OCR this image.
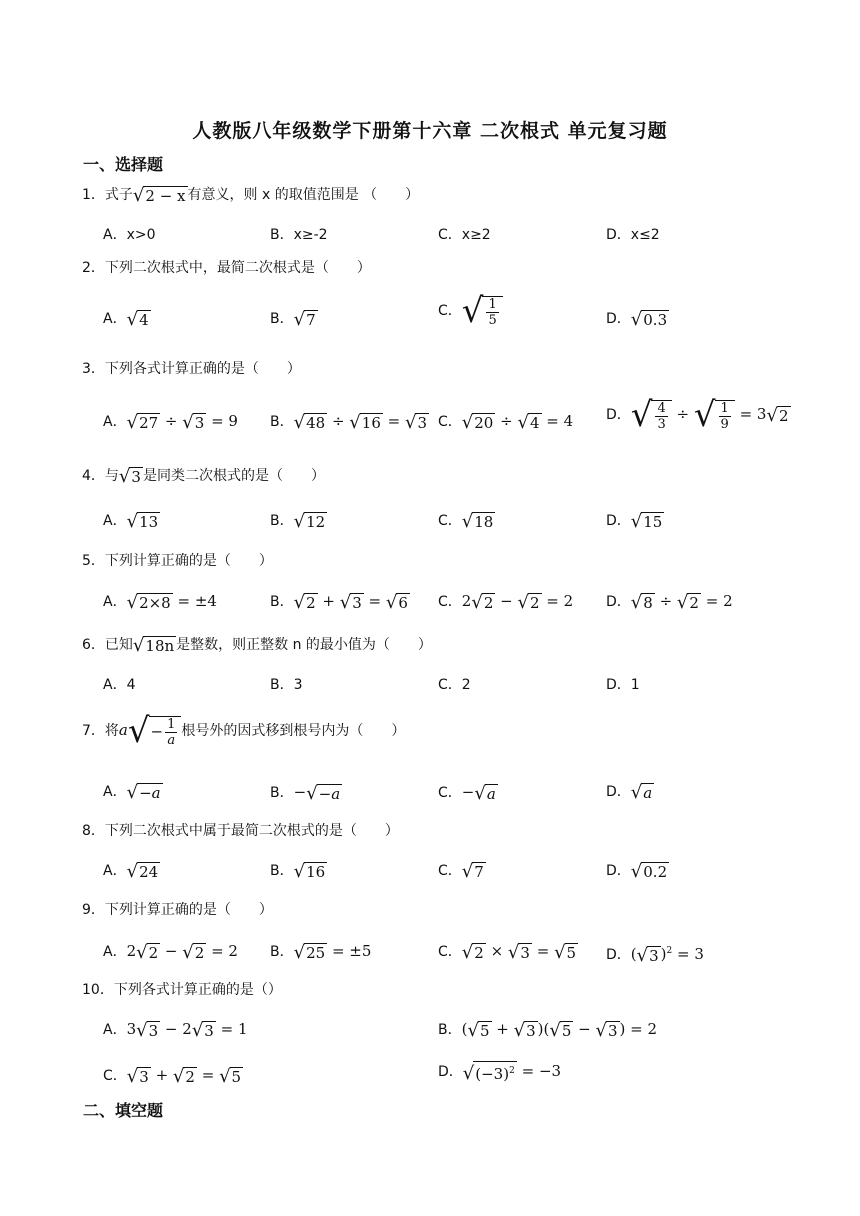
人教版八年级数学下册第十六章 二次根式 单元复习题
一、选择题
1．式子 √ 2 − x 有意义，则 x 的取值范围是 （　　）
A．x>0	B．x≥-2	C．x≥2	D．x≤2
2．下列二次根式中，最简二次根式是（　　）
A． √ 4	B． √ 7	C． √ $\frac{1}{5}$	D． √ 0.3
3．下列各式计算正确的是（　　）
A． √ 27 ÷ √ 3 = 9 B． √ 48 ÷ √ 16 = √ 3 C． √ 20 ÷ √ 4 = 4 D． √ $\frac{4}{3}$ ÷ √ $\frac{1}{9} = 3$ √ 2
4．与 √ 3 是同类二次根式的是（　　）
A． √ 13	B． √ 12	C． √ 18	D． √ 15
5．下列计算正确的是（　　）
A． √ 2×8 = ±4	B． √ 2 + √ 3 = √ 6 C．2 √ 2 − √ 2 = 2 D． √ 8 ÷ √ 2 = 2
6．已知 √ 18n 是整数，则正整数 n 的最小值为（　　）
A．4	B．3	C．2	D．1
7．将a √ − $\frac{1}{a}$ 根号外的因式移到根号内为（　　）
A． √ −a	B．− √ −a	C．− √ a	D． √ a
8．下列二次根式中属于最简二次根式的是（　　）
A． √ 24	B． √ 16	C． √ 7	D． √ 0.2
9．下列计算正确的是（　　）
A．2 √ 2 − √ 2 = 2 B． √ 25 = ±5	C． √ 2 × √ 3 = √ 5 D．( √ 3 )$^2$ = 3
10．下列各式计算正确的是（）
A．3 √ 3 − 2 √ 3 = 1	B．( √ 5 + √ 3 )( √ 5 − √ 3 ) = 2
C． √ 3 + √ 2 = √ 5	D． √ $(-3)^2 = -3$
二、填空题
